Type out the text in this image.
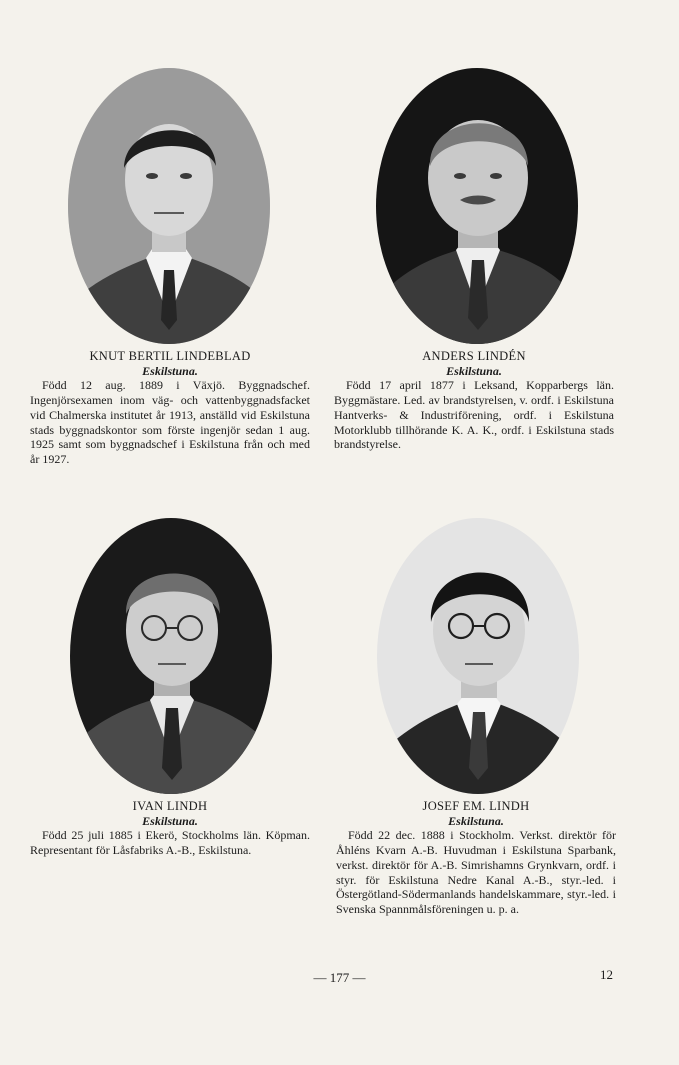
KNUT BERTIL LINDEBLAD
Eskilstuna.
Född 12 aug. 1889 i Växjö. Byggnadschef. Ingenjörsexamen inom väg- och vattenbyggnadsfacket vid Chalmerska institutet år 1913, anställd vid Eskilstuna stads byggnadskontor som förste ingenjör sedan 1 aug. 1925 samt som byggnadschef i Eskilstuna från och med år 1927.
ANDERS LINDÉN
Eskilstuna.
Född 17 april 1877 i Leksand, Kopparbergs län. Byggmästare. Led. av brandstyrelsen, v. ordf. i Eskilstuna Hantverks- & Industriförening, ordf. i Eskilstuna Motorklubb tillhörande K. A. K., ordf. i Eskilstuna stads brandstyrelse.
IVAN LINDH
Eskilstuna.
Född 25 juli 1885 i Ekerö, Stockholms län. Köpman. Representant för Låsfabriks A.-B., Eskilstuna.
JOSEF EM. LINDH
Eskilstuna.
Född 22 dec. 1888 i Stockholm. Verkst. direktör för Åhléns Kvarn A.-B. Huvudman i Eskilstuna Sparbank, verkst. direktör för A.-B. Simrishamns Grynkvarn, ordf. i styr. för Eskilstuna Nedre Kanal A.-B., styr.-led. i Östergötland-Södermanlands handelskammare, styr.-led. i Svenska Spannmålsföreningen u. p. a.
— 177 —	12
